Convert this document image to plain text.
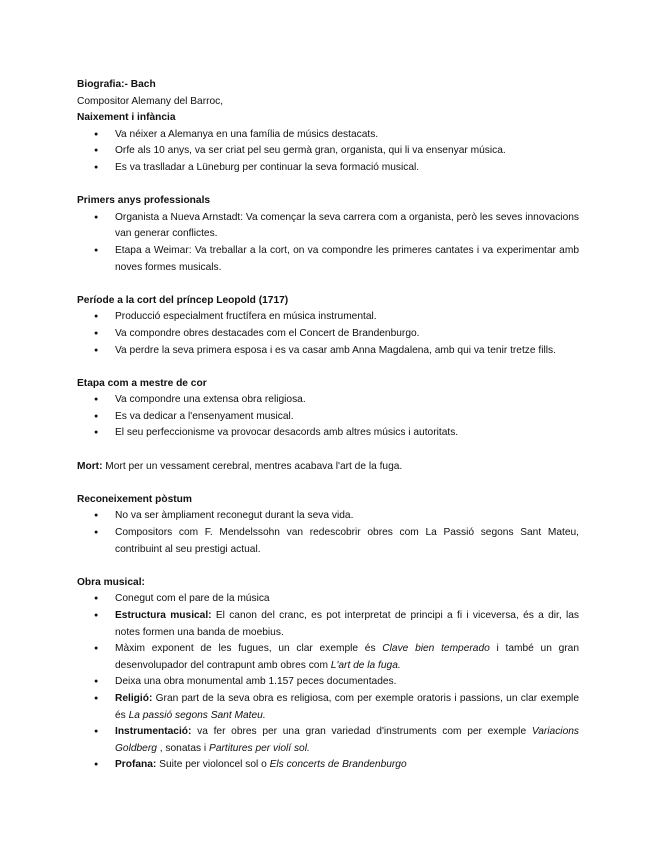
Biografia:- Bach
Compositor Alemany del Barroc,
Naixement i infància
● Va néixer a Alemanya en una família de músics destacats.
● Orfe als 10 anys, va ser criat pel seu germà gran, organista, qui li va ensenyar música.
● Es va traslladar a Lüneburg per continuar la seva formació musical.
Primers anys professionals
● Organista a Nueva Arnstadt: Va començar la seva carrera com a organista, però les seves innovacions van generar conflictes.
● Etapa a Weimar: Va treballar a la cort, on va compondre les primeres cantates i va experimentar amb noves formes musicals.
Període a la cort del príncep Leopold (1717)
● Producció especialment fructífera en música instrumental.
● Va compondre obres destacades com el Concert de Brandenburgo.
● Va perdre la seva primera esposa i es va casar amb Anna Magdalena, amb qui va tenir tretze fills.
Etapa com a mestre de cor
● Va compondre una extensa obra religiosa.
● Es va dedicar a l'ensenyament musical.
● El seu perfeccionisme va provocar desacords amb altres músics i autoritats.
Mort: Mort per un vessament cerebral, mentres acabava l'art de la fuga.
Reconeixement pòstum
● No va ser àmpliament reconegut durant la seva vida.
● Compositors com F. Mendelssohn van redescobrir obres com La Passió segons Sant Mateu, contribuint al seu prestigi actual.
Obra musical:
● Conegut com el pare de la música
● Estructura musical: El canon del cranc, es pot interpretat de principi a fi i viceversa, és a dir, las notes formen una banda de moebius.
● Màxim exponent de les fugues, un clar exemple és Clave bien temperado i també un gran desenvolupador del contrapunt amb obres com L'art de la fuga.
● Deixa una obra monumental amb 1.157 peces documentades.
● Religió: Gran part de la seva obra es religiosa, com per exemple oratoris i passions, un clar exemple és La passió segons Sant Mateu.
● Instrumentació: va fer obres per una gran variedad d'instruments com per exemple Variacions Goldberg , sonatas i Partitures per violí sol.
● Profana: Suite per violoncel sol o Els concerts de Brandenburgo
